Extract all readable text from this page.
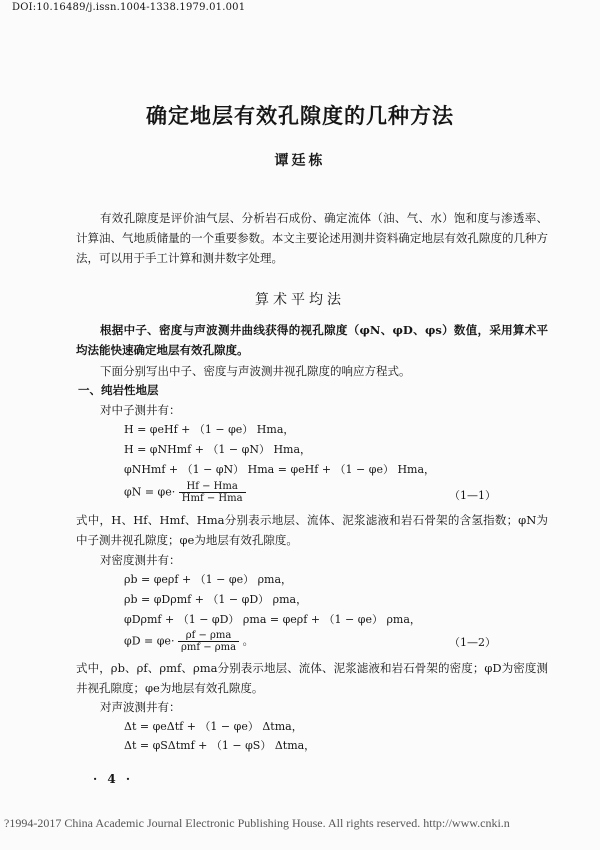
DOI:10.16489/j.issn.1004-1338.1979.01.001
确定地层有效孔隙度的几种方法
谭廷栋
有效孔隙度是评价油气层、分析岩石成份、确定流体（油、气、水）饱和度与渗透率、计算油、气地质储量的一个重要参数。本文主要论述用测井资料确定地层有效孔隙度的几种方法，可以用于手工计算和测井数字处理。
算术平均法
根据中子、密度与声波测井曲线获得的视孔隙度（φN、φD、φs）数值，采用算术平均法能快速确定地层有效孔隙度。
下面分别写出中子、密度与声波测井视孔隙度的响应方程式。
一、纯岩性地层
对中子测井有：
H = φeHf + （1 − φe） Hma，
H = φNHmf + （1 − φN） Hma，
φNHmf + （1 − φN） Hma = φeHf + （1 − φe） Hma，
$\varphi N = \varphi e\cdot \frac{\text{Hf − Hma}}{\text{Hmf − Hma}}$	（1—1）
式中，H、Hf、Hmf、Hma分别表示地层、流体、泥浆滤液和岩石骨架的含氢指数；φN为中子测井视孔隙度；φe为地层有效孔隙度。
对密度测井有：
ρb = φeρf + （1 − φe） ρma，
ρb = φDρmf + （1 − φD） ρma，
φDρmf + （1 − φD） ρma = φeρf + （1 − φe） ρma，
$\varphi D = \varphi e\cdot \frac{\text{ρf − ρma}}{\text{ρmf − ρma}}$ 。	（1—2）
式中，ρb、ρf、ρmf、ρma分别表示地层、流体、泥浆滤液和岩石骨架的密度；φD为密度测井视孔隙度；φe为地层有效孔隙度。
对声波测井有：
Δt = φeΔtf + （1 − φe） Δtma，
Δt = φSΔtmf + （1 − φS） Δtma，
· 4 ·
?1994-2017 China Academic Journal Electronic Publishing House. All rights reserved. http://www.cnki.n
